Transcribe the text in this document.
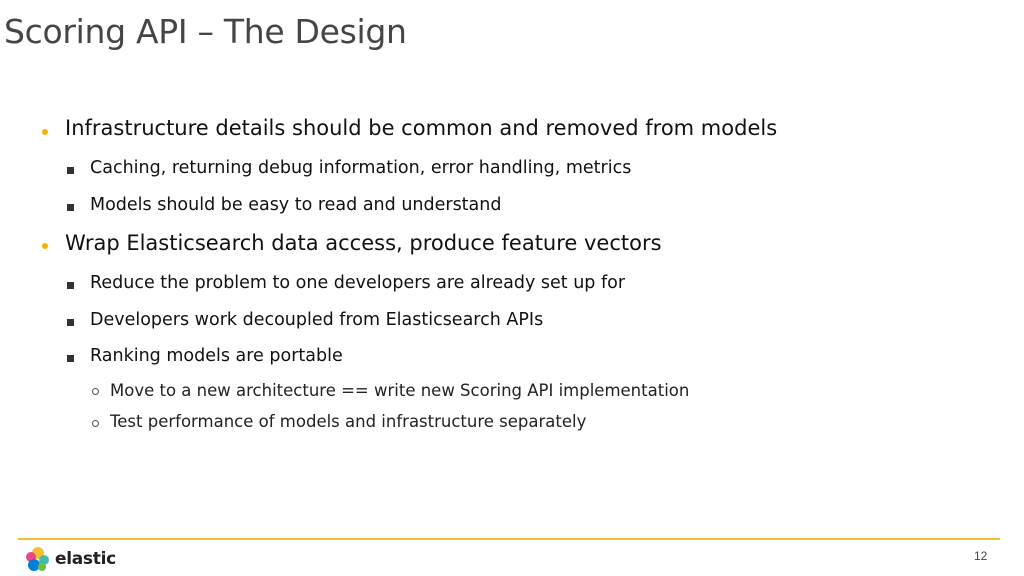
Scoring API – The Design
Infrastructure details should be common and removed from models
Caching, returning debug information, error handling, metrics
Models should be easy to read and understand
Wrap Elasticsearch data access, produce feature vectors
Reduce the problem to one developers are already set up for
Developers work decoupled from Elasticsearch APIs
Ranking models are portable
Move to a new architecture == write new Scoring API implementation
Test performance of models and infrastructure separately
elastic	12
